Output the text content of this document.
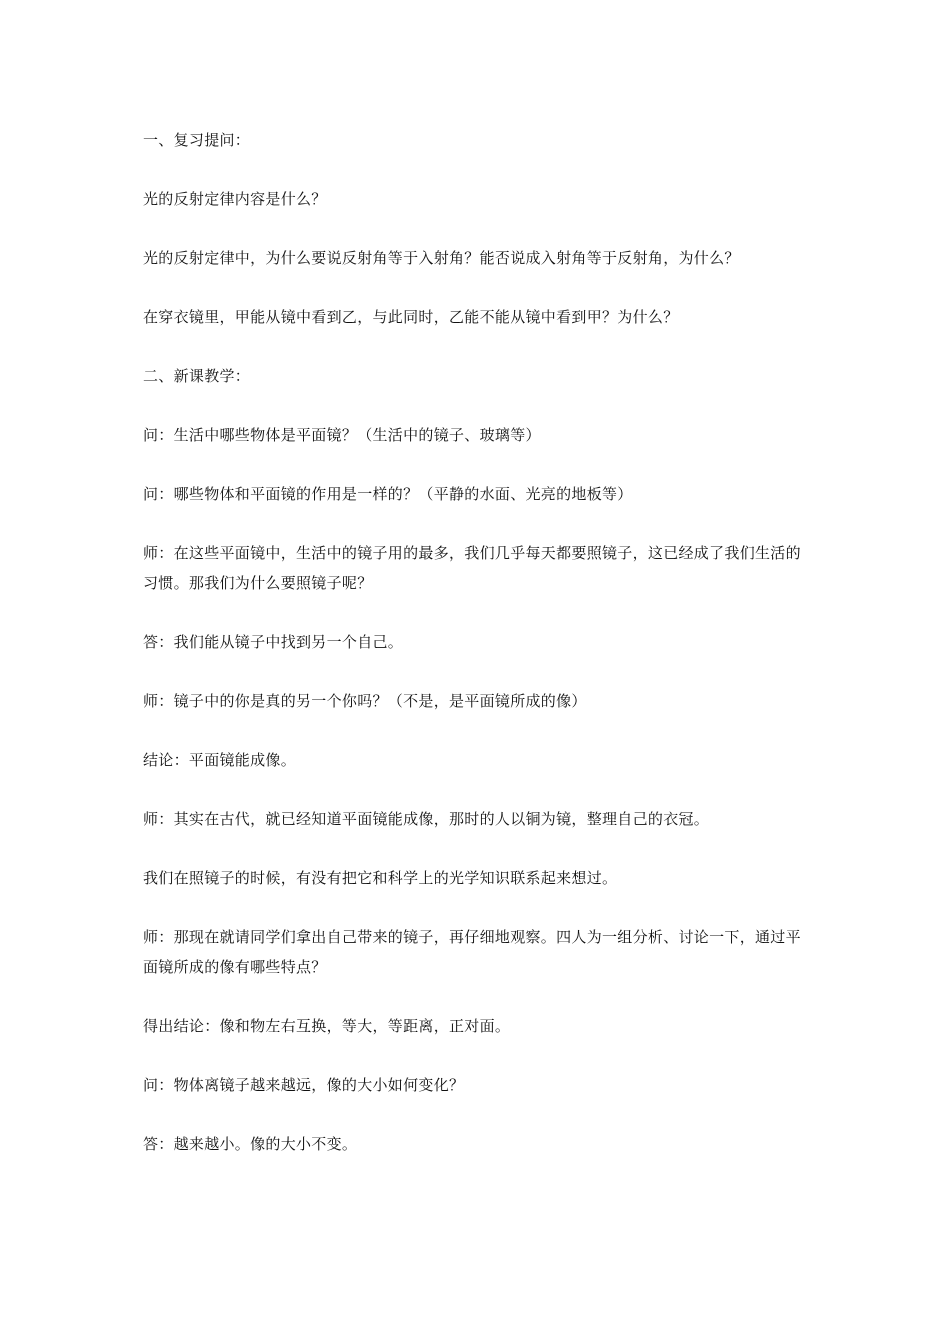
一、复习提问：

光的反射定律内容是什么？

光的反射定律中，为什么要说反射角等于入射角？能否说成入射角等于反射角，为什么？

在穿衣镜里，甲能从镜中看到乙，与此同时，乙能不能从镜中看到甲？为什么？

二、新课教学：

问：生活中哪些物体是平面镜？（生活中的镜子、玻璃等）

问：哪些物体和平面镜的作用是一样的？（平静的水面、光亮的地板等）

师：在这些平面镜中，生活中的镜子用的最多，我们几乎每天都要照镜子，这已经成了我们生活的习惯。那我们为什么要照镜子呢？

答：我们能从镜子中找到另一个自己。

师：镜子中的你是真的另一个你吗？（不是，是平面镜所成的像）

结论：平面镜能成像。

师：其实在古代，就已经知道平面镜能成像，那时的人以铜为镜，整理自己的衣冠。

我们在照镜子的时候，有没有把它和科学上的光学知识联系起来想过。

师：那现在就请同学们拿出自己带来的镜子，再仔细地观察。四人为一组分析、讨论一下，通过平面镜所成的像有哪些特点？

得出结论：像和物左右互换，等大，等距离，正对面。

问：物体离镜子越来越远，像的大小如何变化？

答：越来越小。像的大小不变。
